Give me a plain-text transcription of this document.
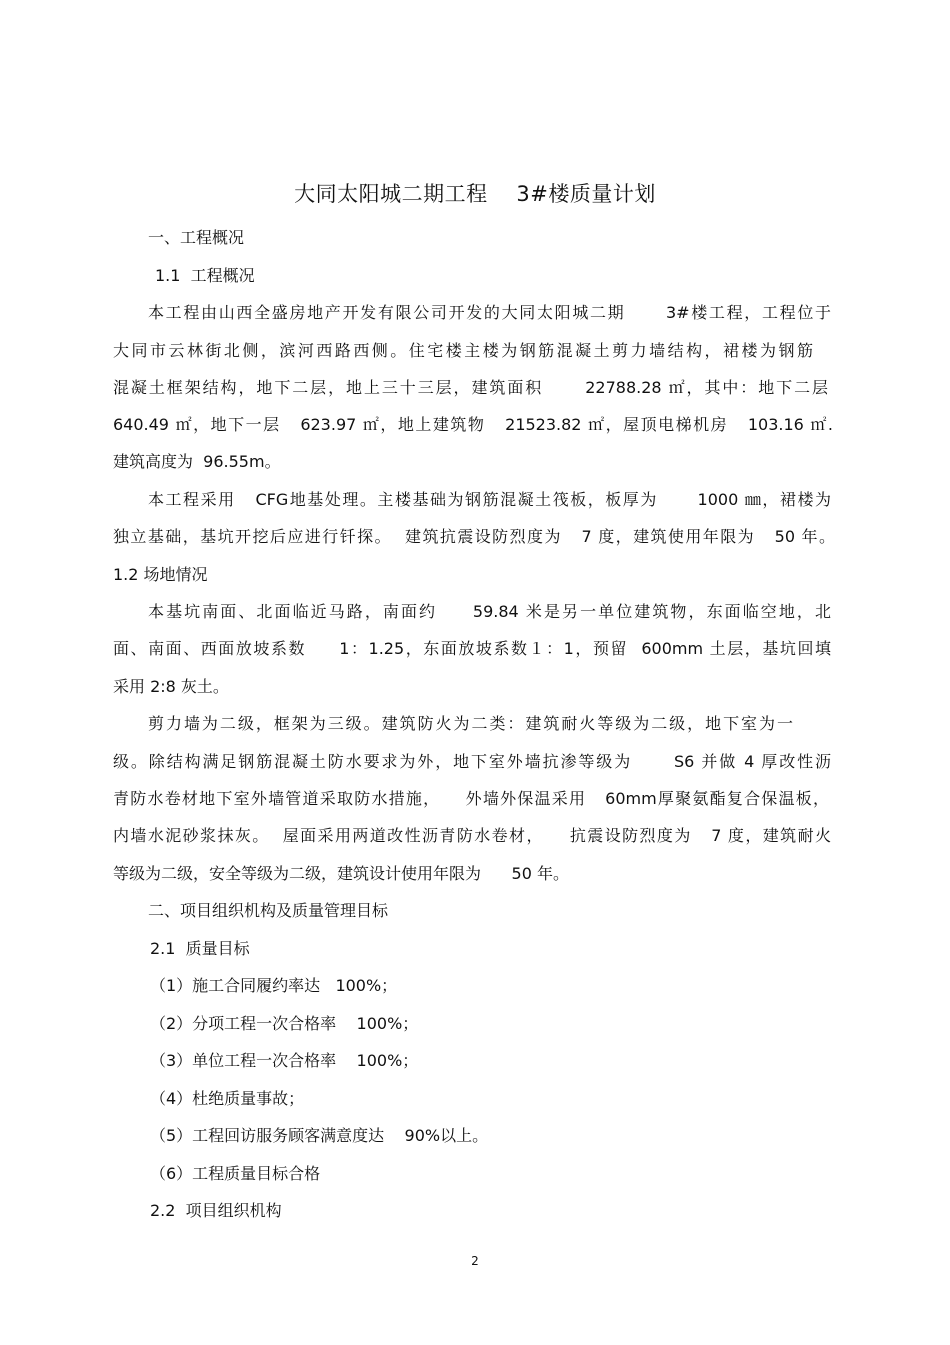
大同太阳城二期工程    3#楼质量计划
一、工程概况
1.1  工程概况
本工程由山西全盛房地产开发有限公司开发的大同太阳城二期      3#楼工程，工程位于
大同市云林街北侧，滨河西路西侧。住宅楼主楼为钢筋混凝土剪力墙结构，裙楼为钢筋
混凝土框架结构，地下二层，地上三十三层，建筑面积      22788.28 ㎡，其中：地下二层
640.49 ㎡，地下一层   623.97 ㎡，地上建筑物   21523.82 ㎡，屋顶电梯机房   103.16 ㎡.
建筑高度为  96.55m。
本工程采用   CFG地基处理。主楼基础为钢筋混凝土筏板，板厚为      1000 ㎜，裙楼为
独立基础，基坑开挖后应进行钎探。  建筑抗震设防烈度为   7 度，建筑使用年限为   50 年。
1.2 场地情况
本基坑南面、北面临近马路，南面约     59.84 米是另一单位建筑物，东面临空地，北
面、南面、西面放坡系数     1：1.25，东面放坡系数１：1，预留  600mm 土层，基坑回填
采用 2:8 灰土。
剪力墙为二级，框架为三级。建筑防火为二类：建筑耐火等级为二级，地下室为一
级。除结构满足钢筋混凝土防水要求为外，地下室外墙抗渗等级为      S6 并做 4 厚改性沥
青防水卷材地下室外墙管道采取防水措施，    外墙外保温采用   60mm厚聚氨酯复合保温板，
内墙水泥砂浆抹灰。  屋面采用两道改性沥青防水卷材，    抗震设防烈度为   7 度，建筑耐火
等级为二级，安全等级为二级，建筑设计使用年限为      50 年。
二、项目组织机构及质量管理目标
2.1  质量目标
（1）施工合同履约率达   100%；
（2）分项工程一次合格率    100%；
（3）单位工程一次合格率    100%；
（4）杜绝质量事故；
（5）工程回访服务顾客满意度达    90%以上。
（6）工程质量目标合格
2.2  项目组织机构
2
